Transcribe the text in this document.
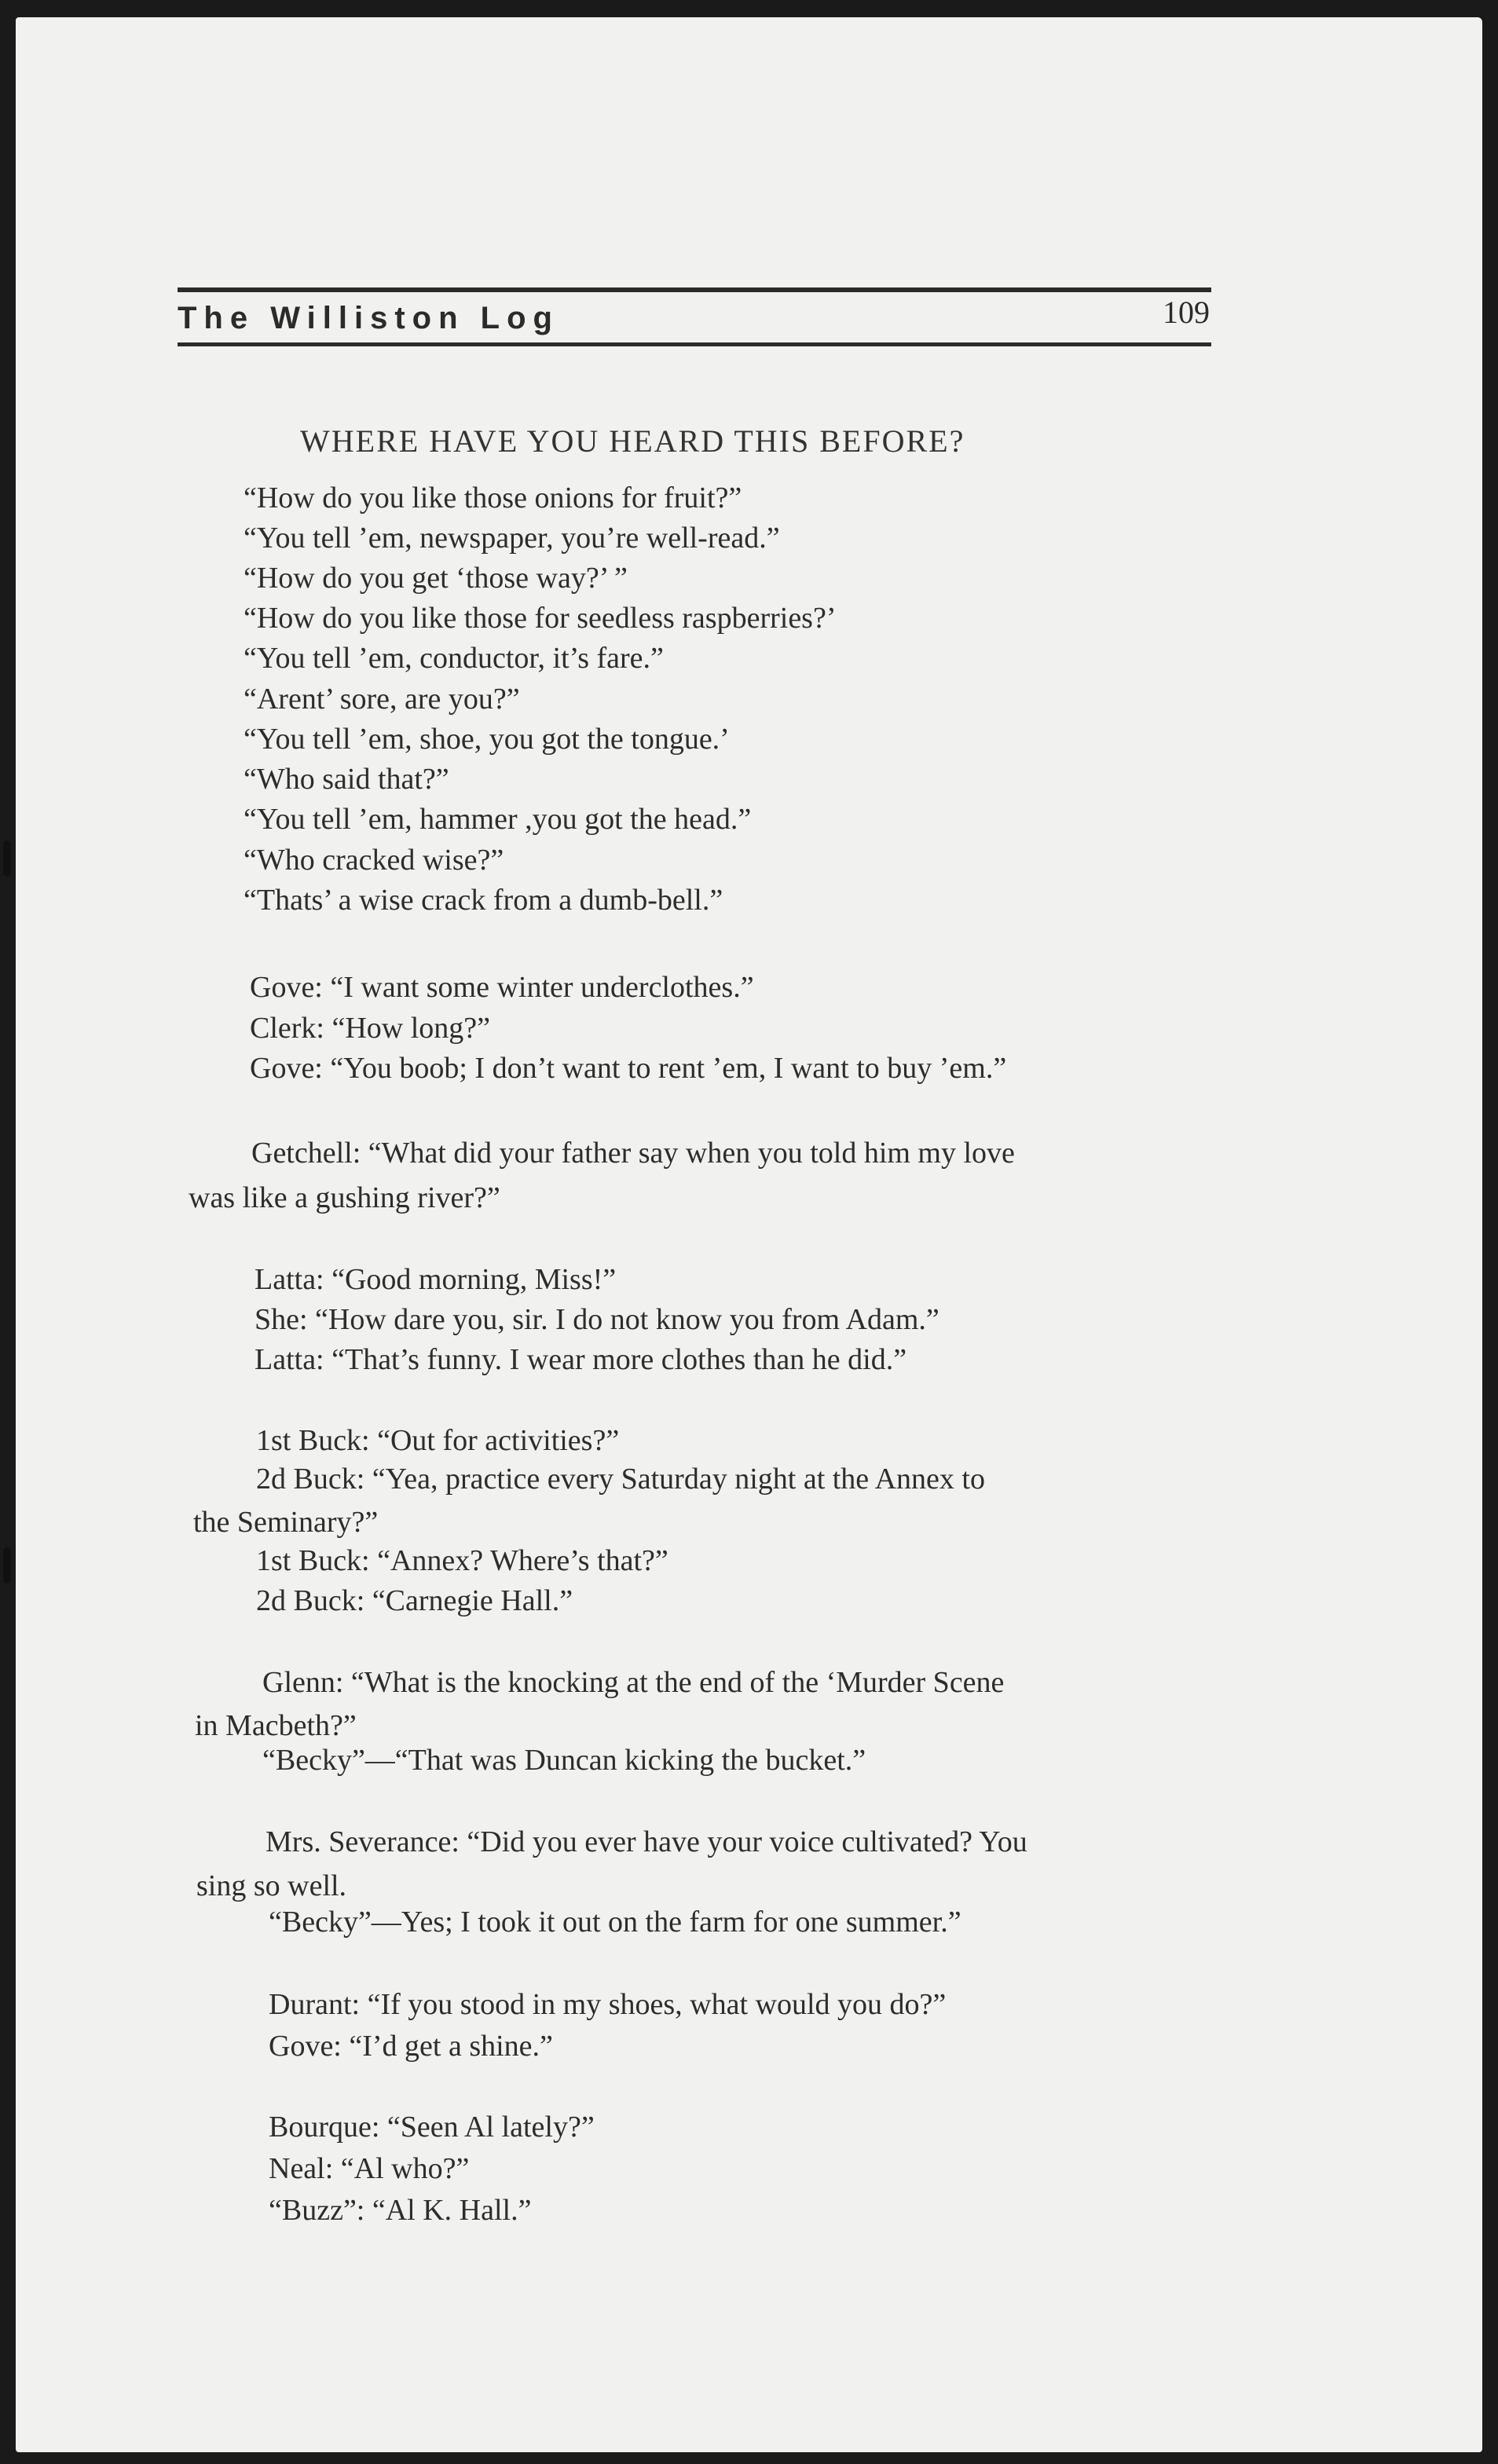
The Williston Log	109
WHERE HAVE YOU HEARD THIS BEFORE?
“How do you like those onions for fruit?”
“You tell ’em, newspaper, you’re well-read.”
“How do you get ‘those way?’ ”
“How do you like those for seedless raspberries?’
“You tell ’em, conductor, it’s fare.”
“Arent’ sore, are you?”
“You tell ’em, shoe, you got the tongue.’
“Who said that?”
“You tell ’em, hammer ,you got the head.”
“Who cracked wise?”
“Thats’ a wise crack from a dumb-bell.”
Gove: “I want some winter underclothes.”
Clerk: “How long?”
Gove: “You boob; I don’t want to rent ’em, I want to buy ’em.”
Getchell: “What did your father say when you told him my love
was like a gushing river?”
Latta: “Good morning, Miss!”
She: “How dare you, sir. I do not know you from Adam.”
Latta: “That’s funny. I wear more clothes than he did.”
1st Buck: “Out for activities?”
2d Buck: “Yea, practice every Saturday night at the Annex to
the Seminary?”
1st Buck: “Annex? Where’s that?”
2d Buck: “Carnegie Hall.”
Glenn: “What is the knocking at the end of the ‘Murder Scene
in Macbeth?”
“Becky”—“That was Duncan kicking the bucket.”
Mrs. Severance: “Did you ever have your voice cultivated? You
sing so well.
“Becky”—Yes; I took it out on the farm for one summer.”
Durant: “If you stood in my shoes, what would you do?”
Gove: “I’d get a shine.”
Bourque: “Seen Al lately?”
Neal: “Al who?”
“Buzz”: “Al K. Hall.”
